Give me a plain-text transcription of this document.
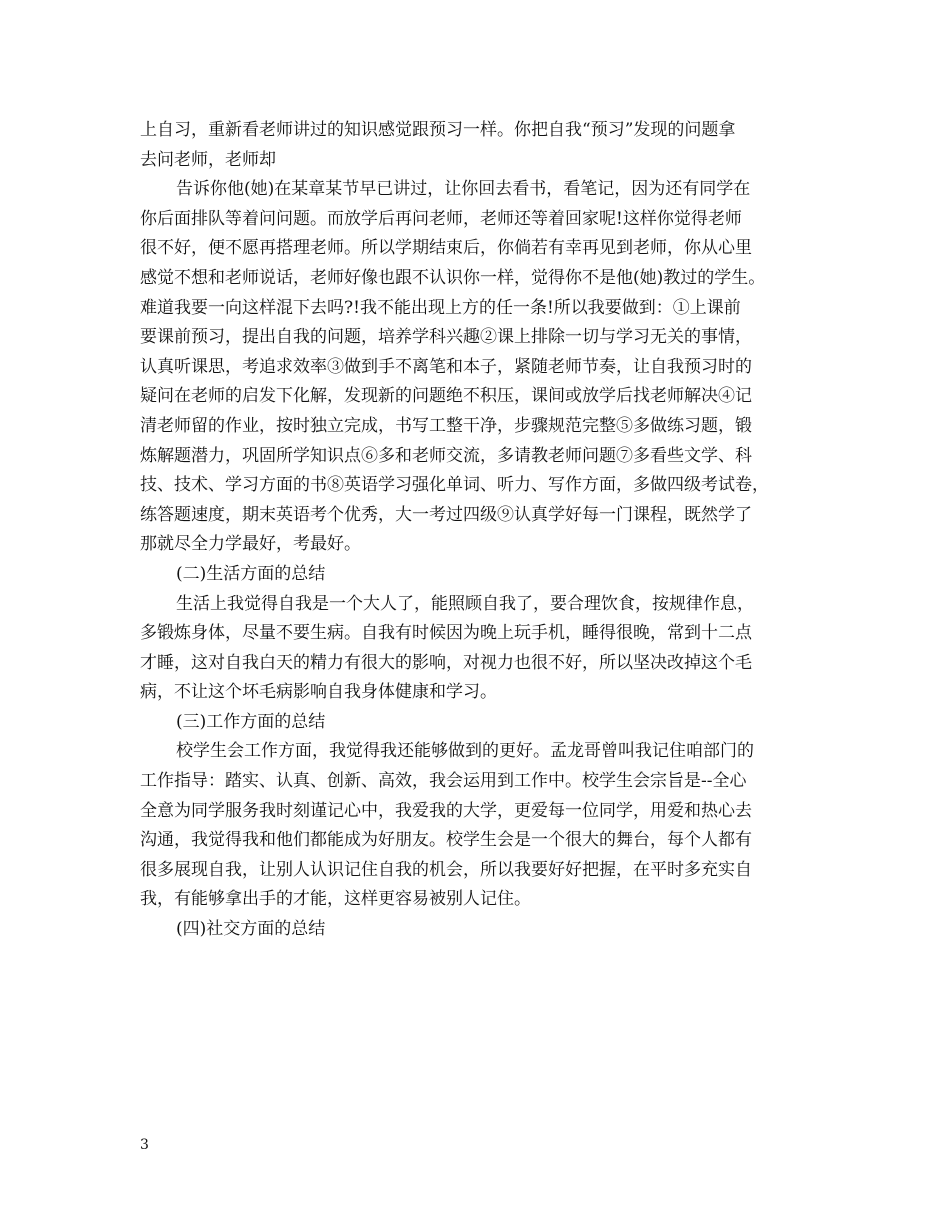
上自习，重新看老师讲过的知识感觉跟预习一样。你把自我“预习”发现的问题拿
去问老师，老师却
告诉你他(她)在某章某节早已讲过，让你回去看书，看笔记，因为还有同学在
你后面排队等着问问题。而放学后再问老师，老师还等着回家呢!这样你觉得老师
很不好，便不愿再搭理老师。所以学期结束后，你倘若有幸再见到老师，你从心里
感觉不想和老师说话，老师好像也跟不认识你一样，觉得你不是他(她)教过的学生。
难道我要一向这样混下去吗?!我不能出现上方的任一条!所以我要做到：①上课前
要课前预习，提出自我的问题，培养学科兴趣②课上排除一切与学习无关的事情，
认真听课思，考追求效率③做到手不离笔和本子，紧随老师节奏，让自我预习时的
疑问在老师的启发下化解，发现新的问题绝不积压，课间或放学后找老师解决④记
清老师留的作业，按时独立完成，书写工整干净，步骤规范完整⑤多做练习题，锻
炼解题潜力，巩固所学知识点⑥多和老师交流，多请教老师问题⑦多看些文学、科
技、技术、学习方面的书⑧英语学习强化单词、听力、写作方面，多做四级考试卷，
练答题速度，期末英语考个优秀，大一考过四级⑨认真学好每一门课程，既然学了
那就尽全力学最好，考最好。
(二)生活方面的总结
生活上我觉得自我是一个大人了，能照顾自我了，要合理饮食，按规律作息，
多锻炼身体，尽量不要生病。自我有时候因为晚上玩手机，睡得很晚，常到十二点
才睡，这对自我白天的精力有很大的影响，对视力也很不好，所以坚决改掉这个毛
病，不让这个坏毛病影响自我身体健康和学习。
(三)工作方面的总结
校学生会工作方面，我觉得我还能够做到的更好。孟龙哥曾叫我记住咱部门的
工作指导：踏实、认真、创新、高效，我会运用到工作中。校学生会宗旨是--全心
全意为同学服务我时刻谨记心中，我爱我的大学，更爱每一位同学，用爱和热心去
沟通，我觉得我和他们都能成为好朋友。校学生会是一个很大的舞台，每个人都有
很多展现自我，让别人认识记住自我的机会，所以我要好好把握，在平时多充实自
我，有能够拿出手的才能，这样更容易被别人记住。
(四)社交方面的总结
3
